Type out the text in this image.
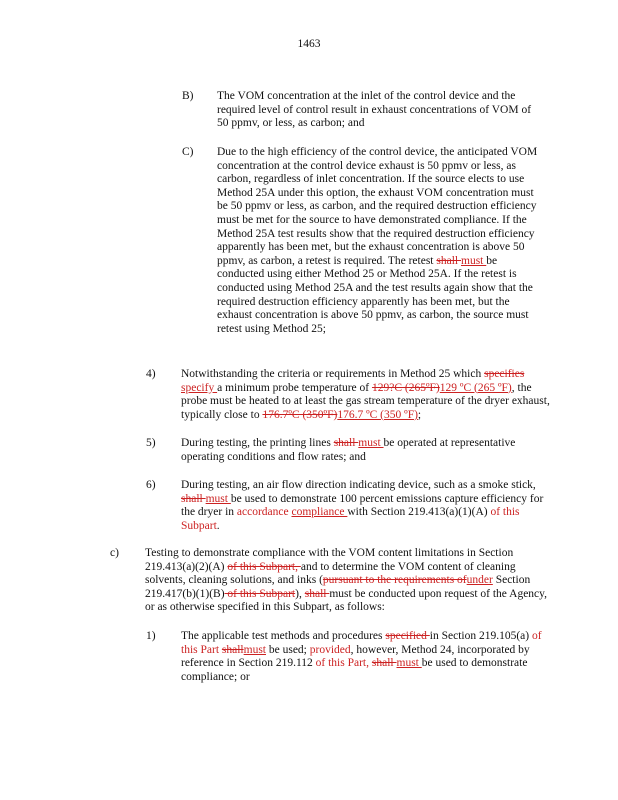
1463
B) The VOM concentration at the inlet of the control device and the required level of control result in exhaust concentrations of VOM of 50 ppmv, or less, as carbon; and
C) Due to the high efficiency of the control device, the anticipated VOM concentration at the control device exhaust is 50 ppmv or less, as carbon, regardless of inlet concentration. If the source elects to use Method 25A under this option, the exhaust VOM concentration must be 50 ppmv or less, as carbon, and the required destruction efficiency must be met for the source to have demonstrated compliance. If the Method 25A test results show that the required destruction efficiency apparently has been met, but the exhaust concentration is above 50 ppmv, as carbon, a retest is required. The retest shall must be conducted using either Method 25 or Method 25A. If the retest is conducted using Method 25A and the test results again show that the required destruction efficiency apparently has been met, but the exhaust concentration is above 50 ppmv, as carbon, the source must retest using Method 25;
4) Notwithstanding the criteria or requirements in Method 25 which specifies specify a minimum probe temperature of 129?C (265ºF)129 ºC (265 ºF), the probe must be heated to at least the gas stream temperature of the dryer exhaust, typically close to 176.7ºC (350ºF)176.7 ºC (350 ºF);
5) During testing, the printing lines shall must be operated at representative operating conditions and flow rates; and
6) During testing, an air flow direction indicating device, such as a smoke stick, shall must be used to demonstrate 100 percent emissions capture efficiency for the dryer in accordance compliance with Section 219.413(a)(1)(A) of this Subpart.
c) Testing to demonstrate compliance with the VOM content limitations in Section 219.413(a)(2)(A) of this Subpart, and to determine the VOM content of cleaning solvents, cleaning solutions, and inks (pursuant to the requirements ofunder Section 219.417(b)(1)(B) of this Subpart), shall must be conducted upon request of the Agency, or as otherwise specified in this Subpart, as follows:
1) The applicable test methods and procedures specified in Section 219.105(a) of this Part shallmust be used; provided, however, Method 24, incorporated by reference in Section 219.112 of this Part, shall must be used to demonstrate compliance; or
